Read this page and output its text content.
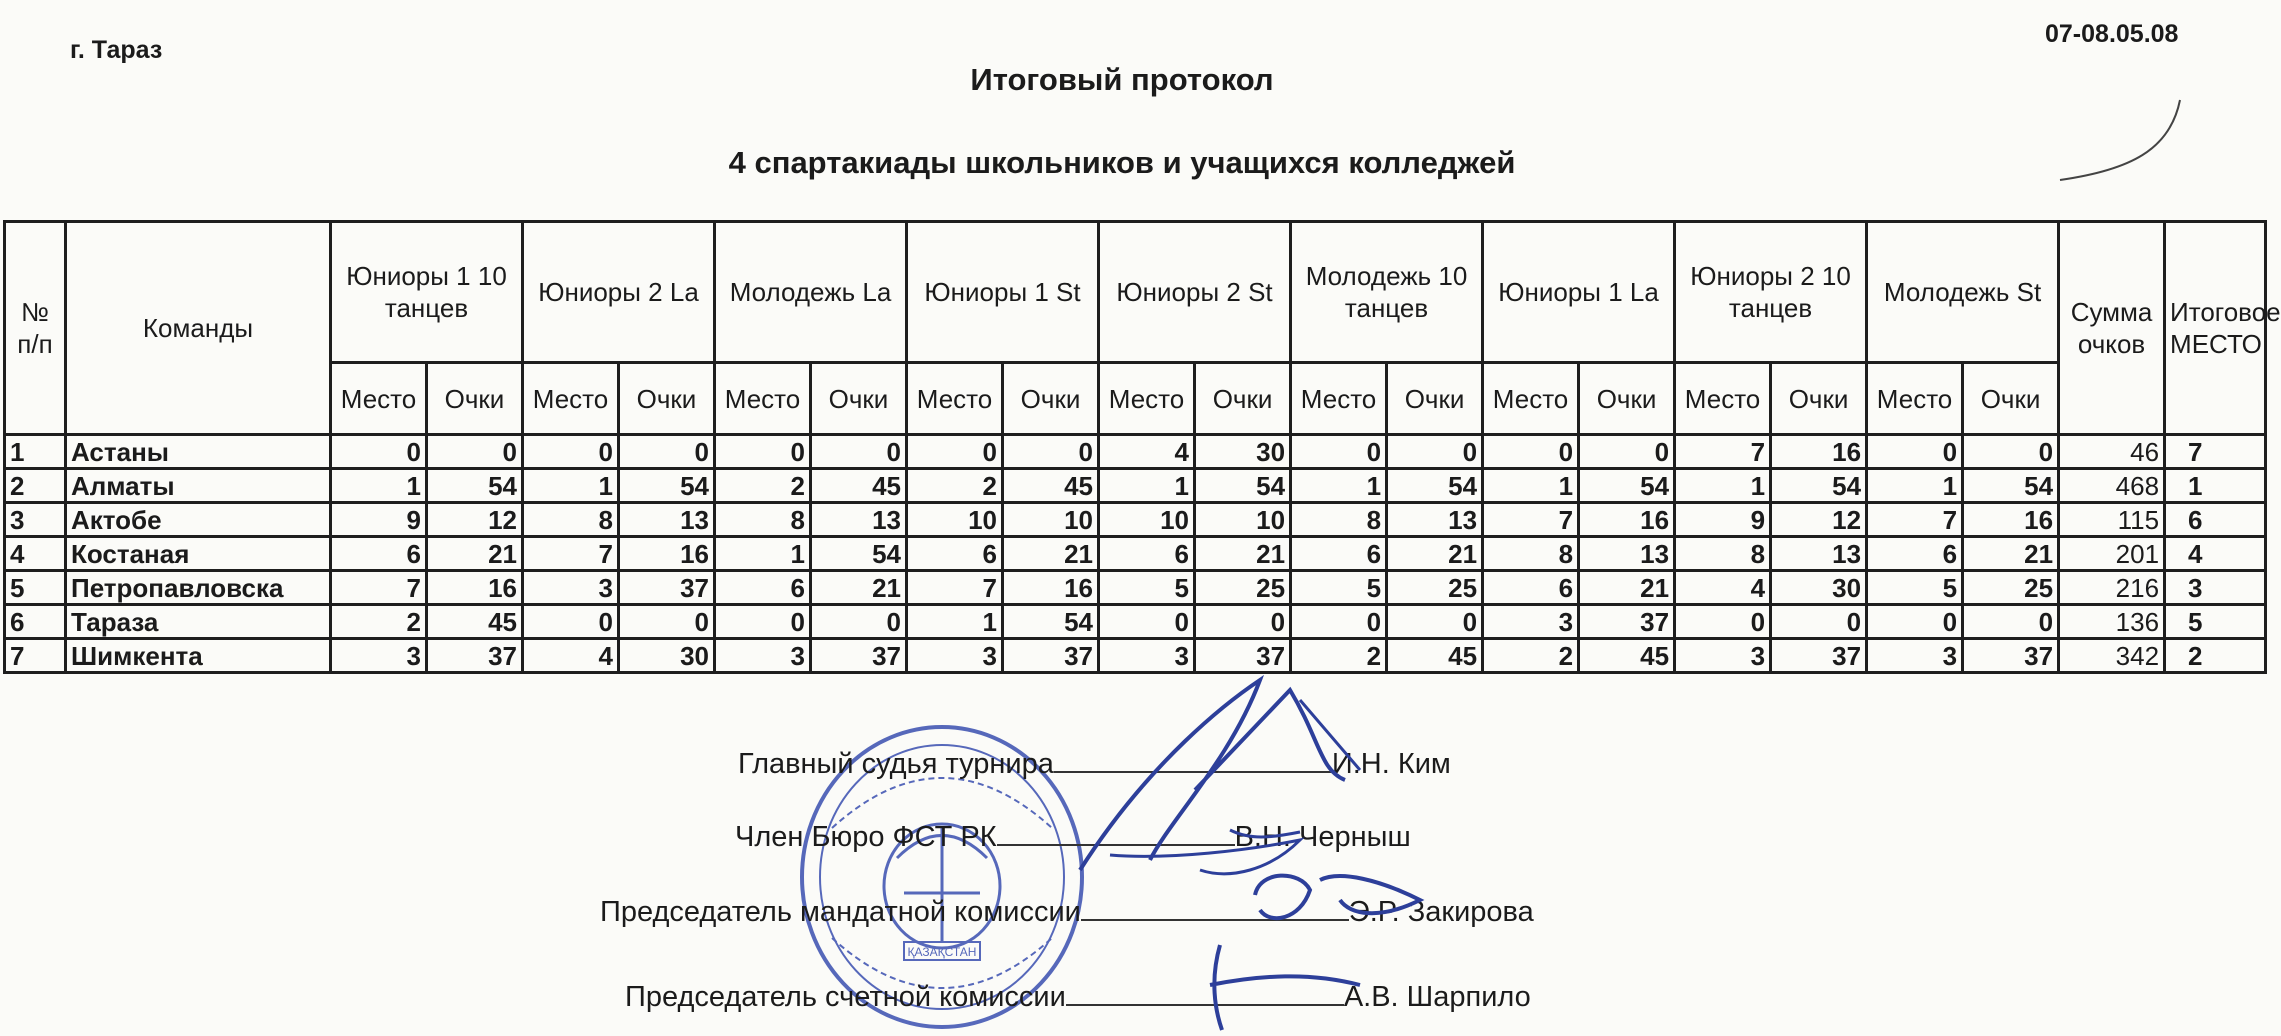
г. Тараз
07-08.05.08
Итоговый протокол
4 спартакиады школьников и учащихся колледжей
№ п/п	Команды	Юниоры 1 10 танцев		Юниоры 2 La		Молодежь La		Юниоры 1 St		Юниоры 2 St		Молодежь 10 танцев		Юниоры 1 La		Юниоры 2 10 танцев		Молодежь St		Сумма очков	Итоговое МЕСТО
		Место	Очки	Место	Очки	Место	Очки	Место	Очки	Место	Очки	Место	Очки	Место	Очки	Место	Очки	Место	Очки		
1	Астаны	0	0	0	0	0	0	0	0	4	30	0	0	0	0	7	16	0	0	46	7
2	Алматы	1	54	1	54	2	45	2	45	1	54	1	54	1	54	1	54	1	54	468	1
3	Актобе	9	12	8	13	8	13	10	10	10	10	8	13	7	16	9	12	7	16	115	6
4	Костаная	6	21	7	16	1	54	6	21	6	21	6	21	8	13	8	13	6	21	201	4
5	Петропавловска	7	16	3	37	6	21	7	16	5	25	5	25	6	21	4	30	5	25	216	3
6	Тараза	2	45	0	0	0	0	1	54	0	0	0	0	3	37	0	0	0	0	136	5
7	Шимкента	3	37	4	30	3	37	3	37	3	37	2	45	2	45	3	37	3	37	342	2
ҚАЗАҚСТАН
Главный судья турнира	И.Н. Ким
Член Бюро ФСТ РК	В.Н. Черныш
Председатель мандатной комиссии	Э.Р. Закирова
Председатель счетной комиссии	А.В. Шарпило
